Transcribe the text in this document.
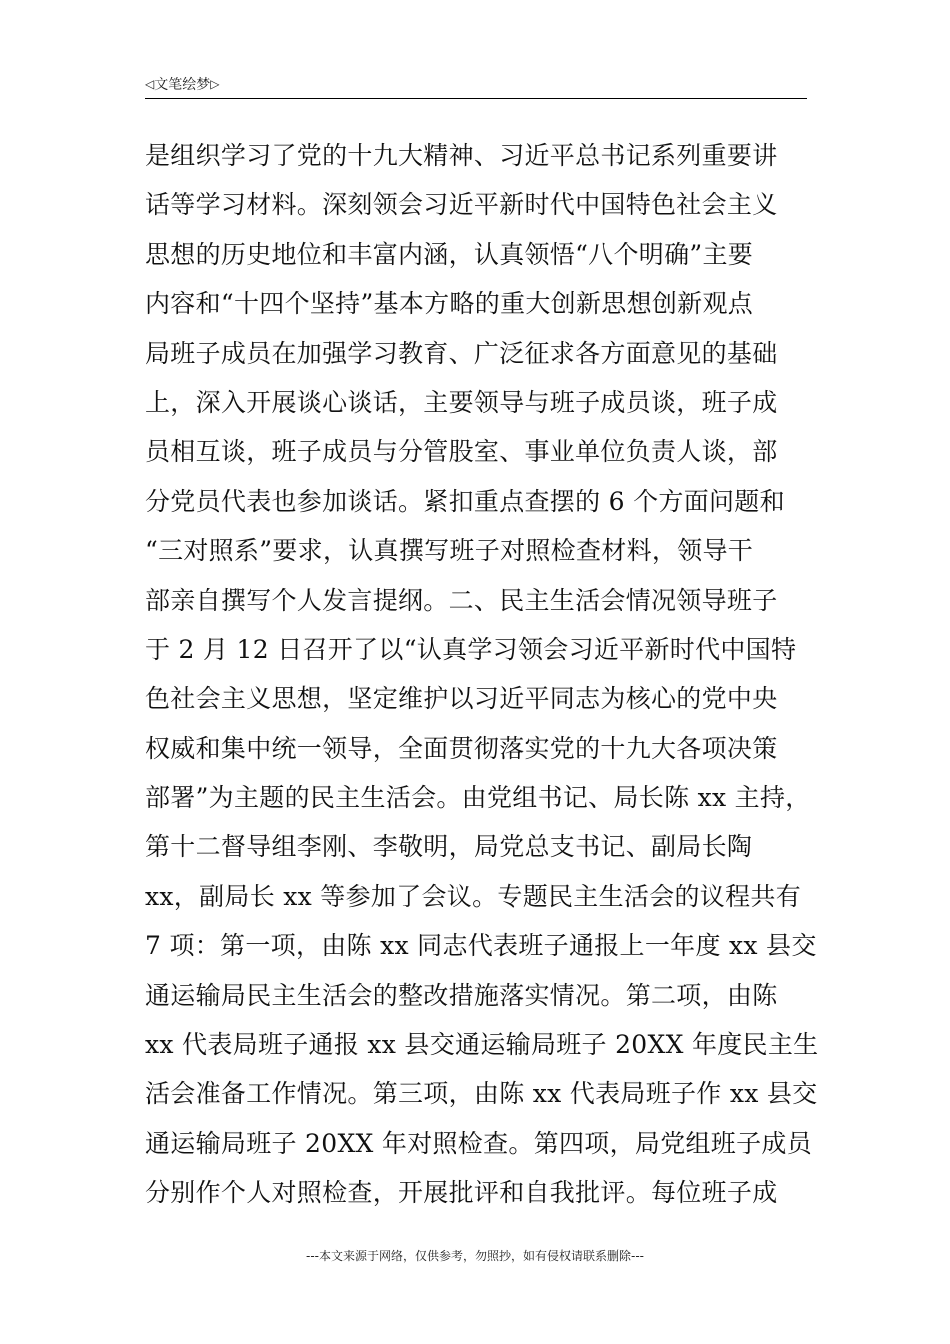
◁文笔绘梦▷
是组织学习了党的十九大精神、习近平总书记系列重要讲
话等学习材料。深刻领会习近平新时代中国特色社会主义
思想的历史地位和丰富内涵，认真领悟“八个明确”主要
内容和“十四个坚持”基本方略的重大创新思想创新观点
局班子成员在加强学习教育、广泛征求各方面意见的基础
上，深入开展谈心谈话，主要领导与班子成员谈，班子成
员相互谈，班子成员与分管股室、事业单位负责人谈，部
分党员代表也参加谈话。紧扣重点查摆的 6 个方面问题和
“三对照系”要求，认真撰写班子对照检查材料，领导干
部亲自撰写个人发言提纲。二、民主生活会情况领导班子
于 2 月 12 日召开了以“认真学习领会习近平新时代中国特
色社会主义思想，坚定维护以习近平同志为核心的党中央
权威和集中统一领导，全面贯彻落实党的十九大各项决策
部署”为主题的民主生活会。由党组书记、局长陈 xx 主持，
第十二督导组李刚、李敬明，局党总支书记、副局长陶
xx，副局长 xx 等参加了会议。专题民主生活会的议程共有
7 项：第一项，由陈 xx 同志代表班子通报上一年度 xx 县交
通运输局民主生活会的整改措施落实情况。第二项，由陈
xx 代表局班子通报 xx 县交通运输局班子 20XX 年度民主生
活会准备工作情况。第三项，由陈 xx 代表局班子作 xx 县交
通运输局班子 20XX 年对照检查。第四项，局党组班子成员
分别作个人对照检查，开展批评和自我批评。每位班子成
---本文来源于网络，仅供参考，勿照抄，如有侵权请联系删除---
